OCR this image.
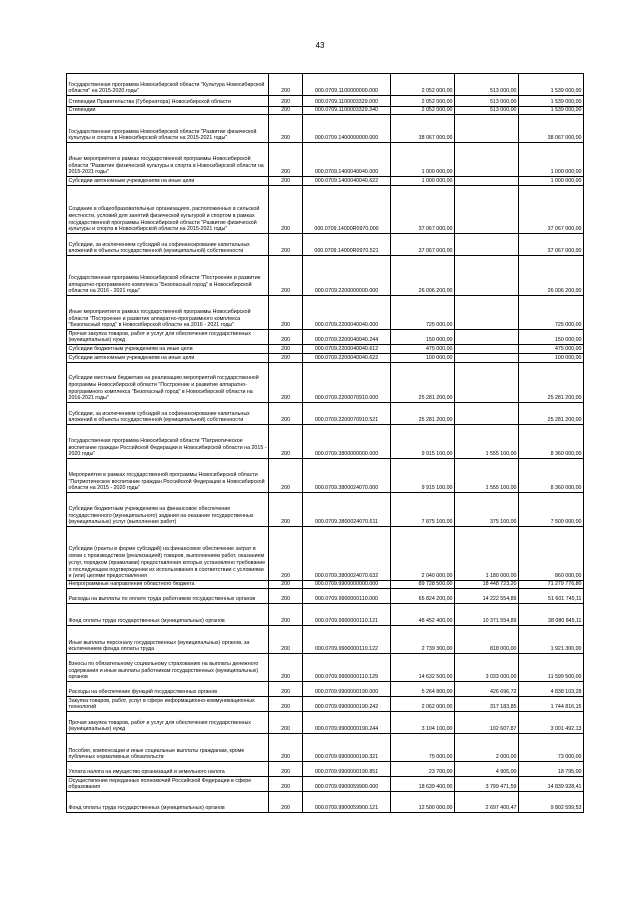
43
Государственная программа Новосибирской области "Культура Новосибирской области" на 2015-2020 годы"	200	000.0709.1100000000.000	2 052 000,00	513 000,00	1 539 000,00
Стипендии Правительства (Губернатора) Новосибирской области	200	000.0709.1100003329.000	2 052 000,00	513 000,00	1 539 000,00
Стипендии	200	000.0709.1100003329.340	2 052 000,00	513 000,00	1 539 000,00
Государственная программа Новосибирской области "Развитие физической культуры и спорта в Новосибирской области на 2015-2021 годы"	200	000.0709.1400000000.000	38 067 000,00		38 067 000,00
Иные мероприятия в рамках государственной программы Новосибирской области "Развитие физической культуры и спорта в Новосибирской области на 2015-2021 годы"	200	000.0709.1400040040.000	1 000 000,00		1 000 000,00
Субсидии автономным учреждениям на иные цели	200	000.0709.1400040040.622	1 000 000,00		1 000 000,00
Создание в общеобразовательных организациях, расположенных в сельской местности, условий для занятий физической культурой и спортом в рамках государственной программы Новосибирской области "Развитие физической культуры и спорта в Новосибирской области на 2015-2021 годы"	200	000.0709.14000R0970.000	37 067 000,00		37 067 000,00
Субсидии, за исключением субсидий на софинансирование капитальных вложений в объекты государственной (муниципальной) собственности	200	000.0709.14000R0970.521	37 067 000,00		37 067 000,00
Государственная программа Новосибирской области "Построение и развитие аппаратно-программного комплекса "Безопасный город" в Новосибирской области на 2016 - 2021 годы"	200	000.0709.2200000000.000	26 006 200,00		26 006 200,00
Иные мероприятия в рамках государственной программы Новосибирской области "Построение и развитие аппаратно-программного комплекса "Безопасный город" в Новосибирской области на 2016 - 2021 годы"	200	000.0709.2200040040.000	725 000,00		725 000,00
Прочая закупка товаров, работ и услуг для обеспечения государственных (муниципальных) нужд	200	000.0709.2200040040.244	150 000,00		150 000,00
Субсидии бюджетным учреждениям на иные цели	200	000.0709.2200040040.612	475 000,00		475 000,00
Субсидии автономным учреждениям на иные цели	200	000.0709.2200040040.622	100 000,00		100 000,00
Субсидии местным бюджетам на реализацию мероприятий государственной программы Новосибирской области "Построение и развитие аппаратно-программного комплекса "Безопасный город" в Новосибирской области на 2016-2021 годы"	200	000.0709.2200070910.000	25 281 200,00		25 281 200,00
Субсидии, за исключением субсидий на софинансирование капитальных вложений в объекты государственной (муниципальной) собственности	200	000.0709.2200070910.521	25 281 200,00		25 281 200,00
Государственная программа Новосибирской области "Патриотическое воспитание граждан Российской Федерации в Новосибирской области на 2015 - 2020 годы"	200	000.0709.3800000000.000	9 915 100,00	1 555 100,00	8 360 000,00
Мероприятия в рамках государственной программы Новосибирской области "Патриотическое воспитание граждан Российской Федерации в Новосибирской области на 2015 - 2020 годы"	200	000.0709.3800024070.000	9 915 100,00	1 555 100,00	8 360 000,00
Субсидии бюджетным учреждениям на финансовое обеспечение государственного (муниципального) задания на оказание государственных (муниципальных) услуг (выполнение работ)	200	000.0709.3800024070.611	7 875 100,00	375 100,00	7 500 000,00
Субсидии (гранты в форме субсидий) на финансовое обеспечение затрат в связи с производством (реализацией) товаров, выполнением работ, оказанием услуг, порядком (правилами) предоставления которых установлено требование о последующем подтверждении их использования в соответствии с условиями и (или) целями предоставления	200	000.0709.3800024070.632	2 040 000,00	1 180 000,00	860 000,00
Непрограммные направления областного бюджета	200	000.0709.9900000000.000	89 728 500,00	18 448 723,20	71 279 776,80
Расходы на выплаты по оплате труда работников государственных органов	200	000.0709.9900000110.000	65 824 200,00	14 222 554,89	51 601 745,11
Фонд оплаты труда государственных (муниципальных) органов	200	000.0709.9900000110.121	48 452 400,00	10 371 554,89	38 080 845,11
Иные выплаты персоналу государственных (муниципальных) органов, за исключением фонда оплаты труда	200	000.0709.9900000110.122	2 739 300,00	818 000,00	1 921 300,00
Взносы по обязательному социальному страхованию на выплаты денежного содержания и иные выплаты работникам государственных (муниципальных) органов	200	000.0709.9900000110.129	14 632 500,00	3 033 000,00	11 599 500,00
Расходы на обеспечение функций государственных органов	200	000.0709.9900000190.000	5 264 800,00	426 696,72	4 838 103,28
Закупка товаров, работ, услуг в сфере информационно-коммуникационных технологий	200	000.0709.9900000190.242	2 062 000,00	317 183,85	1 744 816,15
Прочая закупка товаров, работ и услуг для обеспечения государственных (муниципальных) нужд	200	000.0709.9900000190.244	3 104 100,00	102 607,87	3 001 492,13
Пособия, компенсации и иные социальные выплаты гражданам, кроме публичных нормативных обязательств	200	000.0709.9900000190.321	75 000,00	2 000,00	73 000,00
Уплата налога на имущество организаций и земельного налога	200	000.0709.9900000190.851	23 700,00	4 905,00	18 795,00
Осуществление переданных полномочий Российской Федерации в сфере образования	200	000.0709.9900059900.000	18 639 400,00	3 799 471,59	14 839 928,41
Фонд оплаты труда государственных (муниципальных) органов	200	000.0709.9900059900.121	12 500 000,00	2 697 400,47	9 802 599,53
